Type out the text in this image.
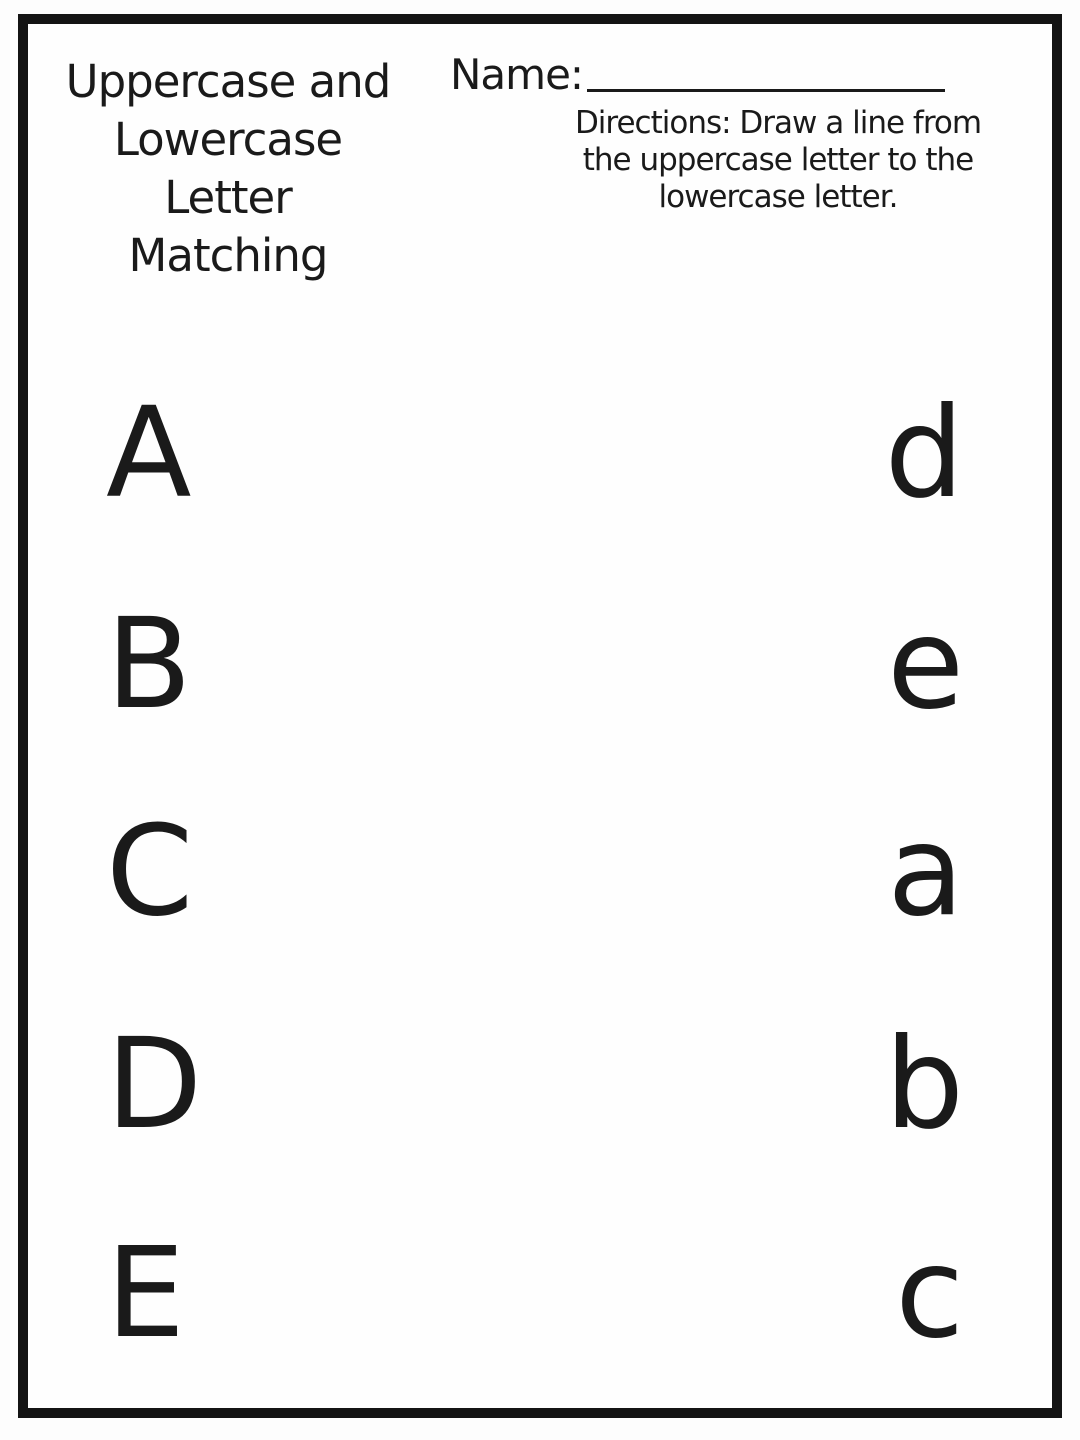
Uppercase and
Lowercase
Letter
Matching
Name:
Directions: Draw a line from
the uppercase letter to the
lowercase letter.
A	d
B	e
C	a
D	b
E	c
